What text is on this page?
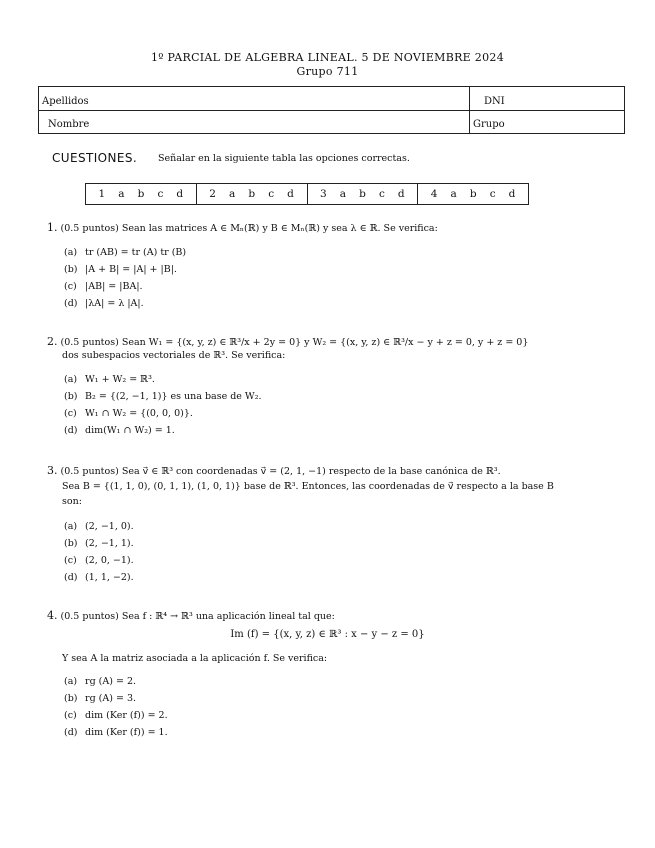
1º PARCIAL DE ALGEBRA LINEAL. 5 DE NOVIEMBRE 2024
Grupo 711
Apellidos	DNI
Nombre	Grupo
CUESTIONES. Señalar en la siguiente tabla las opciones correctas.
1 a b c d 2 a b c d 3 a b c d 4 a b c d
1. (0.5 puntos) Sean las matrices A ∈ Mₙ(ℝ) y B ∈ Mₙ(ℝ) y sea λ ∈ ℝ. Se verifica:
(a) tr (AB) = tr (A) tr (B)
(b) |A + B| = |A| + |B|.
(c) |AB| = |BA|.
(d) |λA| = λ |A|.
2. (0.5 puntos) Sean W₁ = {(x, y, z) ∈ ℝ³/x + 2y = 0} y W₂ = {(x, y, z) ∈ ℝ³/x − y + z = 0, y + z = 0}
dos subespacios vectoriales de ℝ³. Se verifica:
(a) W₁ + W₂ = ℝ³.
(b) B₂ = {(2, −1, 1)} es una base de W₂.
(c) W₁ ∩ W₂ = {(0, 0, 0)}.
(d) dim(W₁ ∩ W₂) = 1.
3. (0.5 puntos) Sea v⃗ ∈ ℝ³ con coordenadas v⃗ = (2, 1, −1) respecto de la base canónica de ℝ³.
Sea B = {(1, 1, 0), (0, 1, 1), (1, 0, 1)} base de ℝ³. Entonces, las coordenadas de v⃗ respecto a la base B
son:
(a) (2, −1, 0).
(b) (2, −1, 1).
(c) (2, 0, −1).
(d) (1, 1, −2).
4. (0.5 puntos) Sea f : ℝ⁴ → ℝ³ una aplicación lineal tal que:
Im (f) = {(x, y, z) ∈ ℝ³ : x − y − z = 0}
Y sea A la matriz asociada a la aplicación f. Se verifica:
(a) rg (A) = 2.
(b) rg (A) = 3.
(c) dim (Ker (f)) = 2.
(d) dim (Ker (f)) = 1.
